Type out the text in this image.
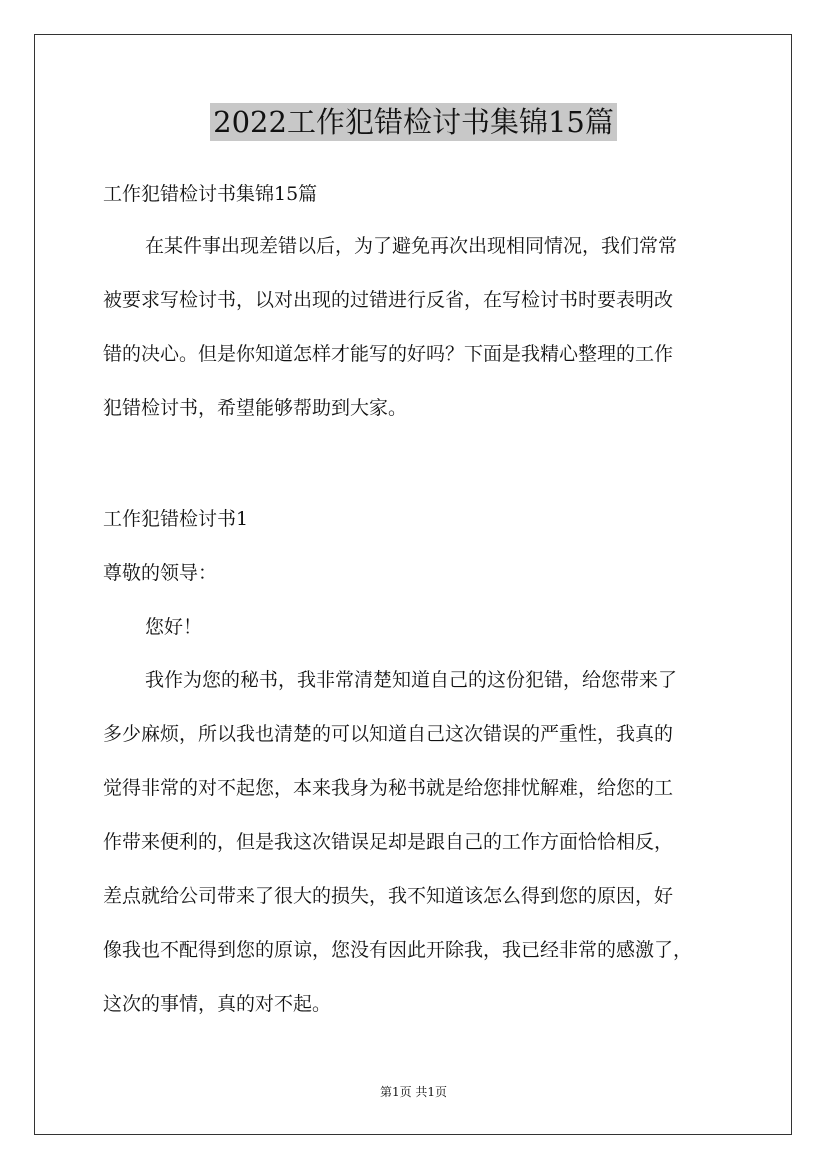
2022工作犯错检讨书集锦15篇
工作犯错检讨书集锦15篇
在某件事出现差错以后，为了避免再次出现相同情况，我们常常
被要求写检讨书，以对出现的过错进行反省，在写检讨书时要表明改
错的决心。但是你知道怎样才能写的好吗？下面是我精心整理的工作
犯错检讨书，希望能够帮助到大家。
工作犯错检讨书1
尊敬的领导：
您好！
我作为您的秘书，我非常清楚知道自己的这份犯错，给您带来了
多少麻烦，所以我也清楚的可以知道自己这次错误的严重性，我真的
觉得非常的对不起您，本来我身为秘书就是给您排忧解难，给您的工
作带来便利的，但是我这次错误足却是跟自己的工作方面恰恰相反，
差点就给公司带来了很大的损失，我不知道该怎么得到您的原因，好
像我也不配得到您的原谅，您没有因此开除我，我已经非常的感激了，
这次的事情，真的对不起。
第1页 共1页
